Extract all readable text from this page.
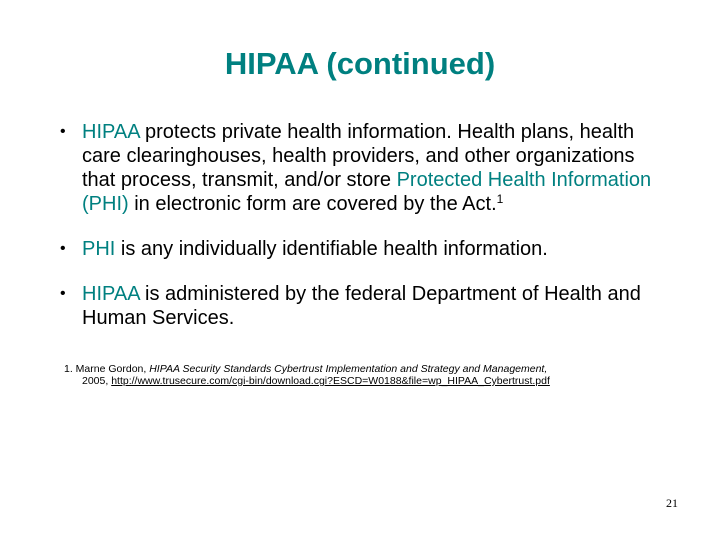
HIPAA (continued)
• HIPAA protects private health information. Health plans, health care clearinghouses, health providers, and other organizations that process, transmit, and/or store Protected Health Information (PHI) in electronic form are covered by the Act.$^1$
• PHI is any individually identifiable health information.
• HIPAA is administered by the federal Department of Health and Human Services.
1. Marne Gordon, HIPAA Security Standards Cybertrust Implementation and Strategy and Management,
2005, http://www.trusecure.com/cgi-bin/download.cgi?ESCD=W0188&file=wp_HIPAA_Cybertrust.pdf
21
